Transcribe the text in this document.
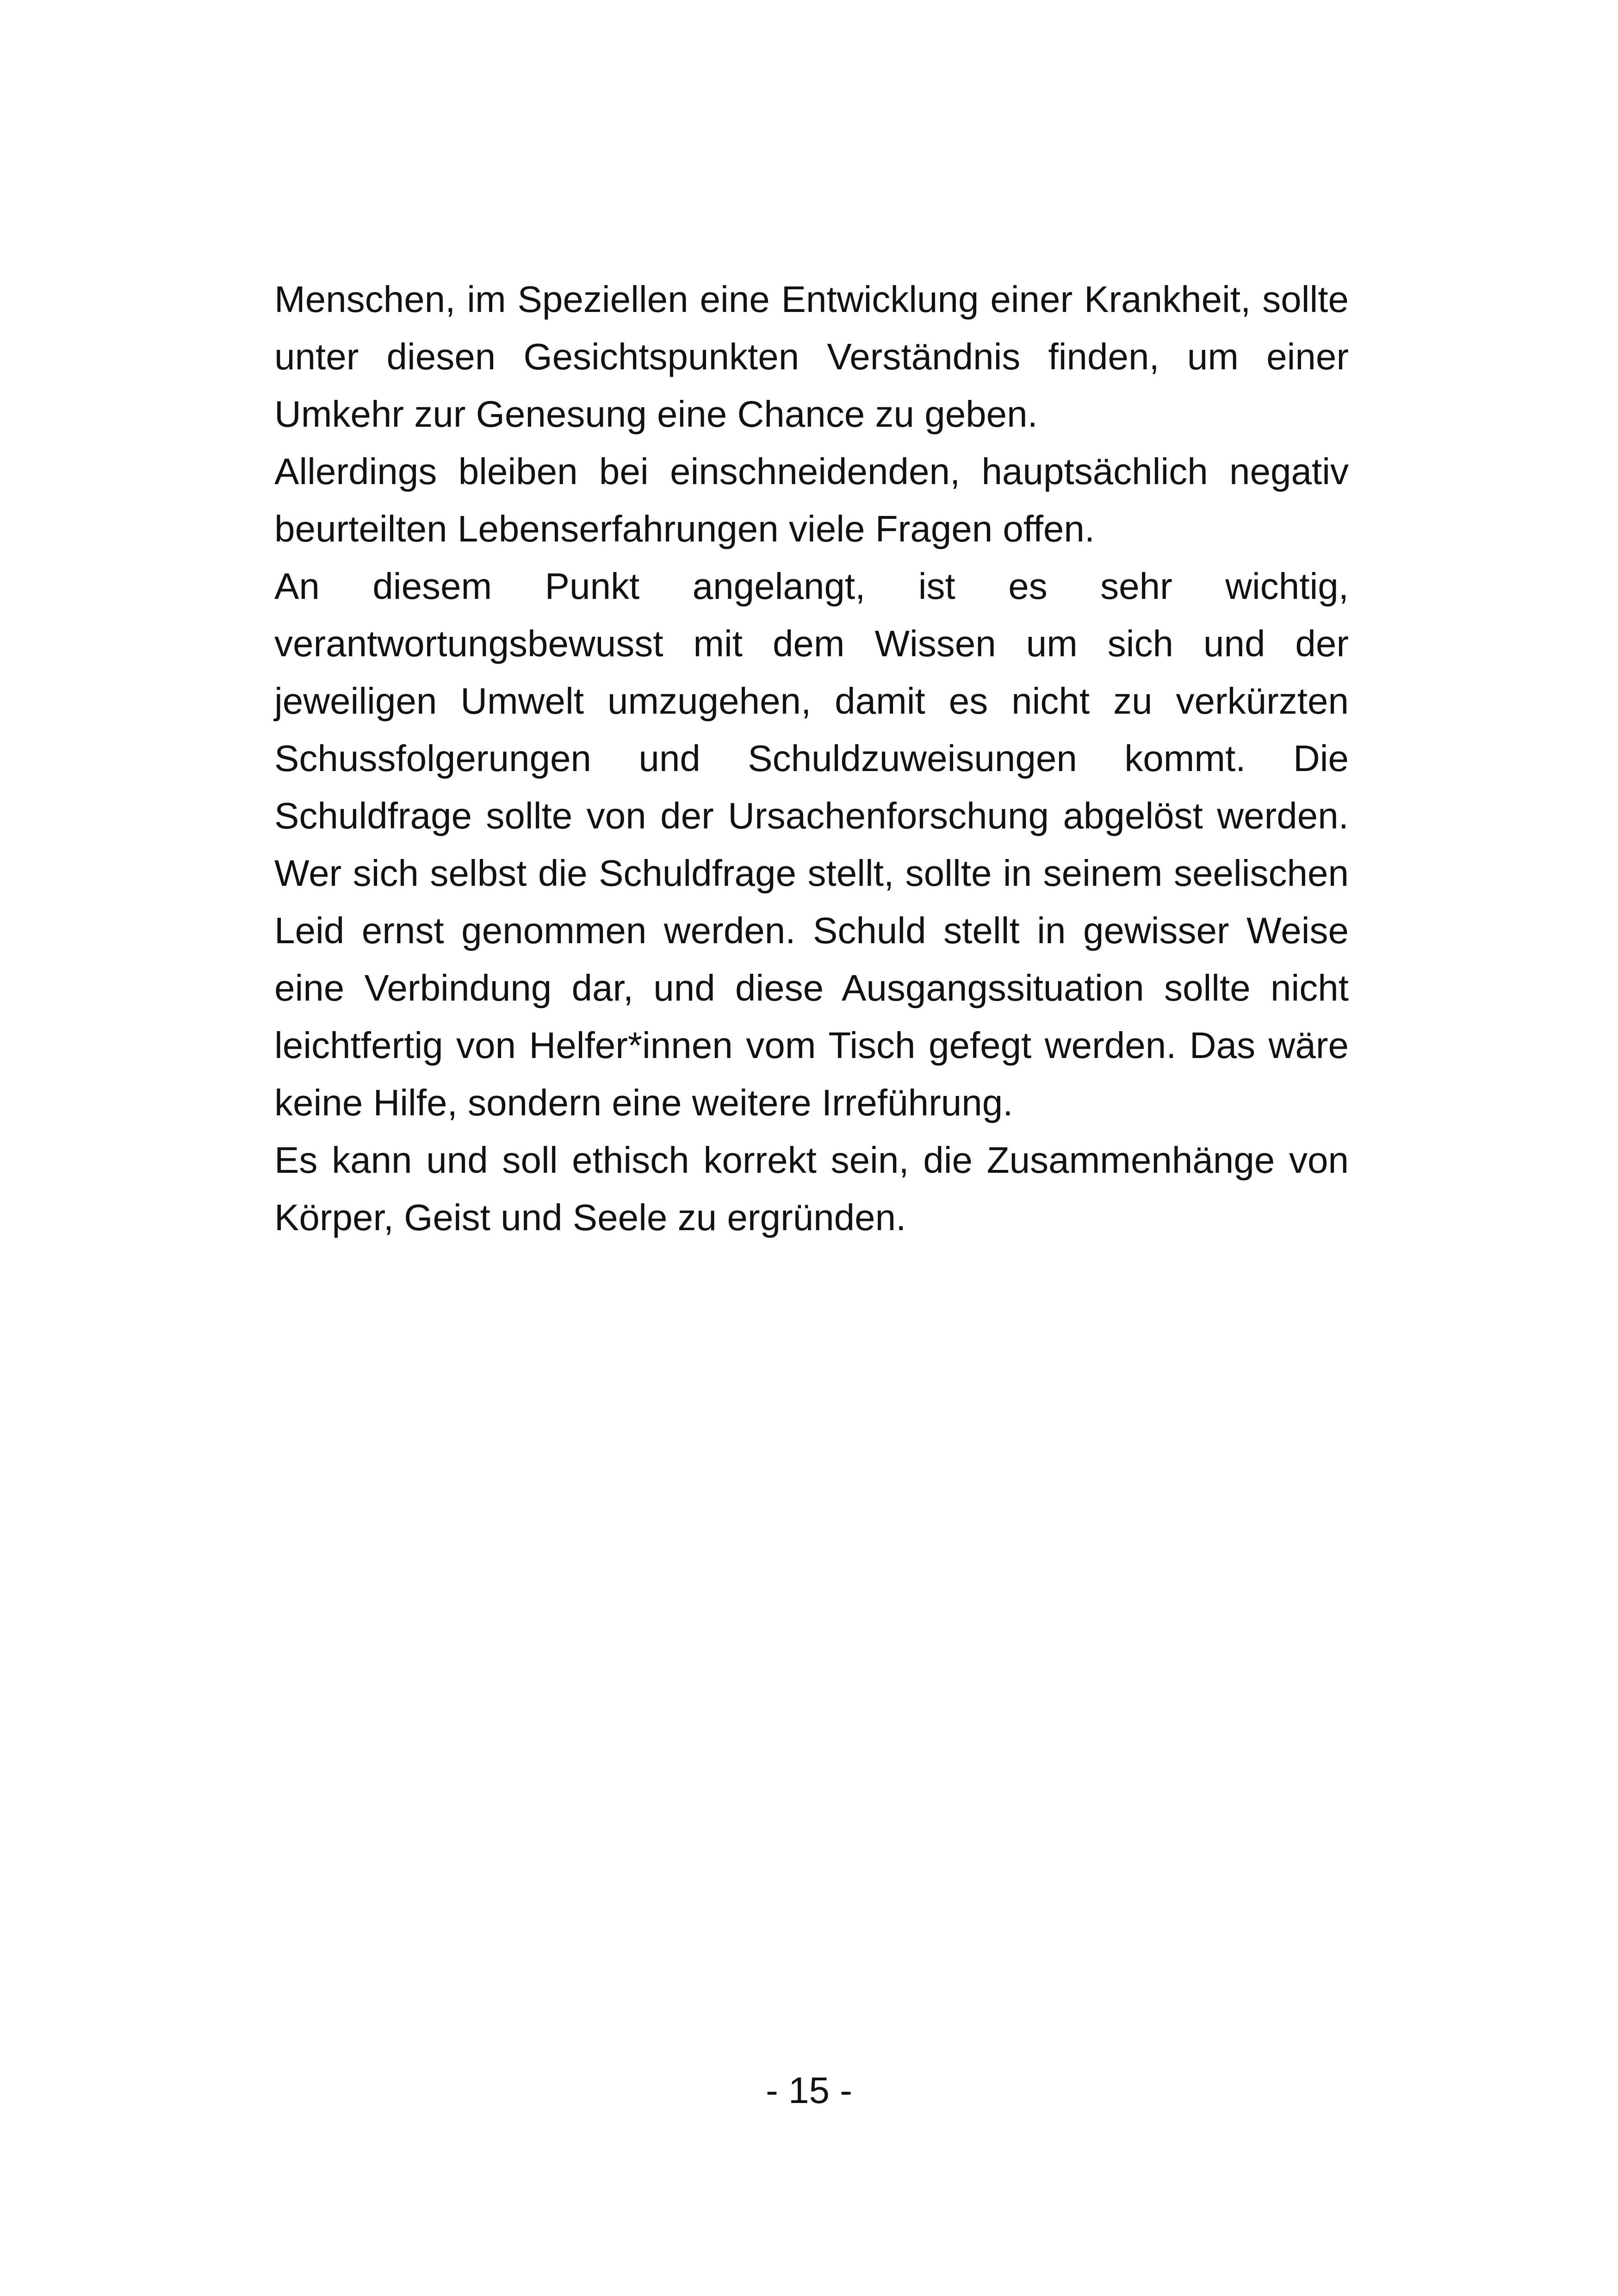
Menschen, im Speziellen eine Entwicklung einer Krankheit, sollte unter diesen Gesichtspunkten Verständnis finden, um einer Umkehr zur Genesung eine Chance zu geben.

Allerdings bleiben bei einschneidenden, hauptsächlich negativ beurteilten Lebenserfahrungen viele Fragen offen.

An diesem Punkt angelangt, ist es sehr wichtig, verantwortungsbewusst mit dem Wissen um sich und der jeweiligen Umwelt umzugehen, damit es nicht zu verkürzten Schussfolgerungen und Schuldzuweisungen kommt. Die Schuldfrage sollte von der Ursachenforschung abgelöst werden. Wer sich selbst die Schuldfrage stellt, sollte in seinem seelischen Leid ernst genommen werden. Schuld stellt in gewisser Weise eine Verbindung dar, und diese Ausgangssituation sollte nicht leichtfertig von Helfer*innen vom Tisch gefegt werden. Das wäre keine Hilfe, sondern eine weitere Irreführung.

Es kann und soll ethisch korrekt sein, die Zusammenhänge von Körper, Geist und Seele zu ergründen.

- 15 -
